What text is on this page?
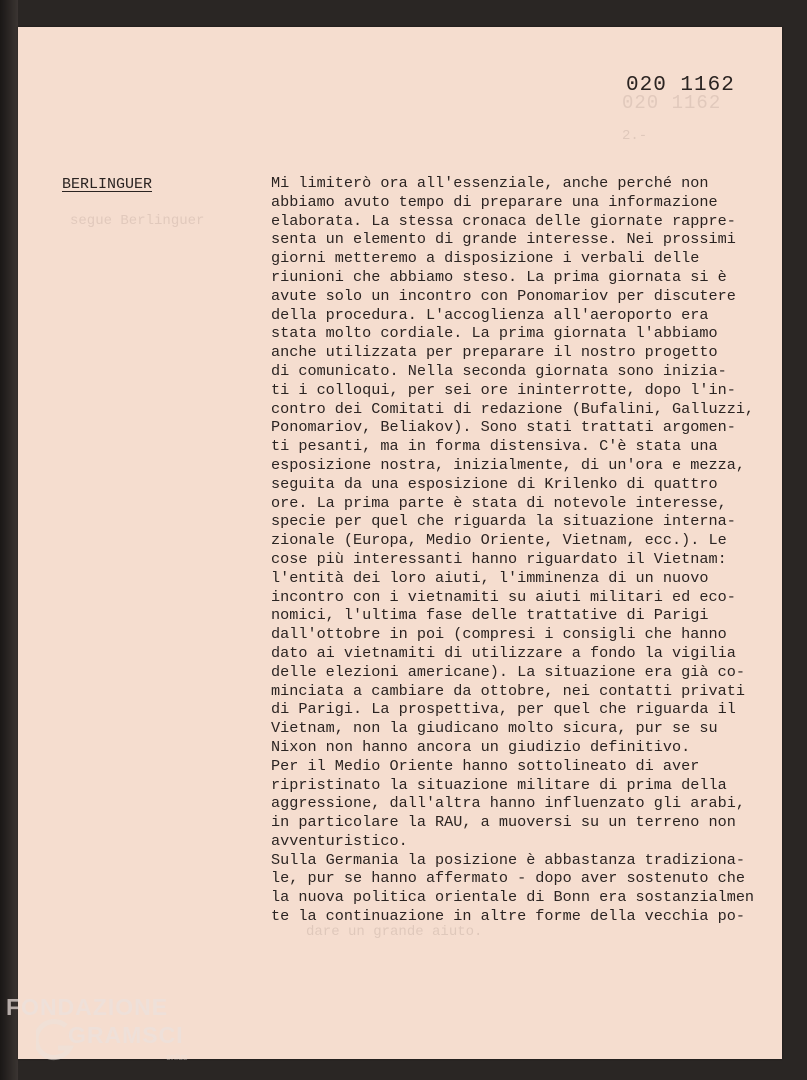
020 1162
2.-
segue Berlinguer
dare un grande aiuto.
020 1162
BERLINGUER	Mi limiterò ora all'essenziale, anche perché non
abbiamo avuto tempo di preparare una informazione
elaborata. La stessa cronaca delle giornate rappre-
senta un elemento di grande interesse. Nei prossimi
giorni metteremo a disposizione i verbali delle
riunioni che abbiamo steso. La prima giornata si è
avute solo un incontro con Ponomariov per discutere
della procedura. L'accoglienza all'aeroporto era
stata molto cordiale. La prima giornata l'abbiamo
anche utilizzata per preparare il nostro progetto
di comunicato. Nella seconda giornata sono inizia-
ti i colloqui, per sei ore ininterrotte, dopo l'in-
contro dei Comitati di redazione (Bufalini, Galluzzi,
Ponomariov, Beliakov). Sono stati trattati argomen-
ti pesanti, ma in forma distensiva. C'è stata una
esposizione nostra, inizialmente, di un'ora e mezza,
seguita da una esposizione di Krilenko di quattro
ore. La prima parte è stata di notevole interesse,
specie per quel che riguarda la situazione interna-
zionale (Europa, Medio Oriente, Vietnam, ecc.). Le
cose più interessanti hanno riguardato il Vietnam:
l'entità dei loro aiuti, l'imminenza di un nuovo
incontro con i vietnamiti su aiuti militari ed eco-
nomici, l'ultima fase delle trattative di Parigi
dall'ottobre in poi (compresi i consigli che hanno
dato ai vietnamiti di utilizzare a fondo la vigilia
delle elezioni americane). La situazione era già co-
minciata a cambiare da ottobre, nei contatti privati
di Parigi. La prospettiva, per quel che riguarda il
Vietnam, non la giudicano molto sicura, pur se su
Nixon non hanno ancora un giudizio definitivo.
Per il Medio Oriente hanno sottolineato di aver
ripristinato la situazione militare di prima della
aggressione, dall'altra hanno influenzato gli arabi,
in particolare la RAU, a muoversi su un terreno non
avventuristico.
Sulla Germania la posizione è abbastanza tradiziona-
le, pur se hanno affermato - dopo aver sostenuto che
la nuova politica orientale di Bonn era sostanzialmen
te la continuazione in altre forme della vecchia po-
FONDAZIONE
GRAMSCI
onlus
